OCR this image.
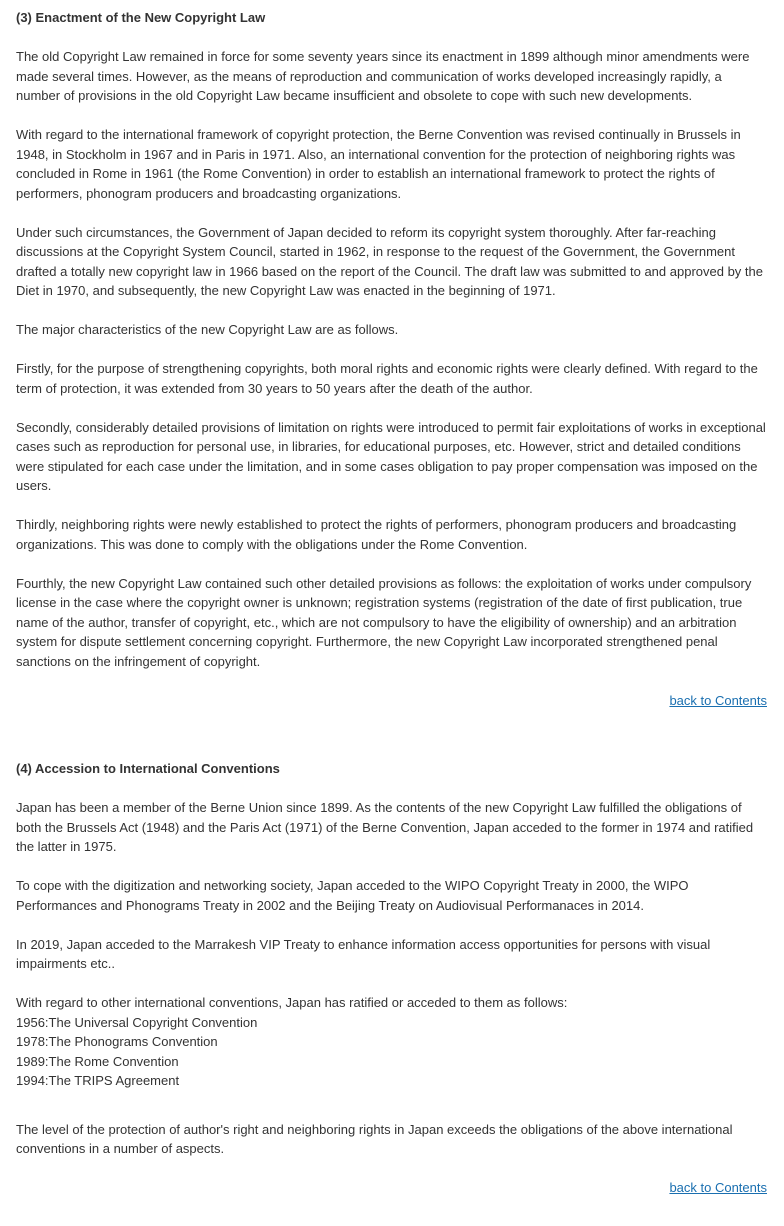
(3) Enactment of the New Copyright Law

The old Copyright Law remained in force for some seventy years since its enactment in 1899 although minor amendments were made several times. However, as the means of reproduction and communication of works developed increasingly rapidly, a number of provisions in the old Copyright Law became insufficient and obsolete to cope with such new developments.

With regard to the international framework of copyright protection, the Berne Convention was revised continually in Brussels in 1948, in Stockholm in 1967 and in Paris in 1971. Also, an international convention for the protection of neighboring rights was concluded in Rome in 1961 (the Rome Convention) in order to establish an international framework to protect the rights of performers, phonogram producers and broadcasting organizations.

Under such circumstances, the Government of Japan decided to reform its copyright system thoroughly. After far-reaching discussions at the Copyright System Council, started in 1962, in response to the request of the Government, the Government drafted a totally new copyright law in 1966 based on the report of the Council. The draft law was submitted to and approved by the Diet in 1970, and subsequently, the new Copyright Law was enacted in the beginning of 1971.

The major characteristics of the new Copyright Law are as follows.

Firstly, for the purpose of strengthening copyrights, both moral rights and economic rights were clearly defined. With regard to the term of protection, it was extended from 30 years to 50 years after the death of the author.

Secondly, considerably detailed provisions of limitation on rights were introduced to permit fair exploitations of works in exceptional cases such as reproduction for personal use, in libraries, for educational purposes, etc. However, strict and detailed conditions were stipulated for each case under the limitation, and in some cases obligation to pay proper compensation was imposed on the users.

Thirdly, neighboring rights were newly established to protect the rights of performers, phonogram producers and broadcasting organizations. This was done to comply with the obligations under the Rome Convention.

Fourthly, the new Copyright Law contained such other detailed provisions as follows: the exploitation of works under compulsory license in the case where the copyright owner is unknown; registration systems (registration of the date of first publication, true name of the author, transfer of copyright, etc., which are not compulsory to have the eligibility of ownership) and an arbitration system for dispute settlement concerning copyright. Furthermore, the new Copyright Law incorporated strengthened penal sanctions on the infringement of copyright.

back to Contents
(4) Accession to International Conventions

Japan has been a member of the Berne Union since 1899. As the contents of the new Copyright Law fulfilled the obligations of both the Brussels Act (1948) and the Paris Act (1971) of the Berne Convention, Japan acceded to the former in 1974 and ratified the latter in 1975.

To cope with the digitization and networking society, Japan acceded to the WIPO Copyright Treaty in 2000, the WIPO Performances and Phonograms Treaty in 2002 and the Beijing Treaty on Audiovisual Performanaces in 2014.

In 2019, Japan acceded to the Marrakesh VIP Treaty to enhance information access opportunities for persons with visual impairments etc..

With regard to other international conventions, Japan has ratified or acceded to them as follows:
1956:The Universal Copyright Convention
1978:The Phonograms Convention
1989:The Rome Convention
1994:The TRIPS Agreement

The level of the protection of author's right and neighboring rights in Japan exceeds the obligations of the above international conventions in a number of aspects.

back to Contents
